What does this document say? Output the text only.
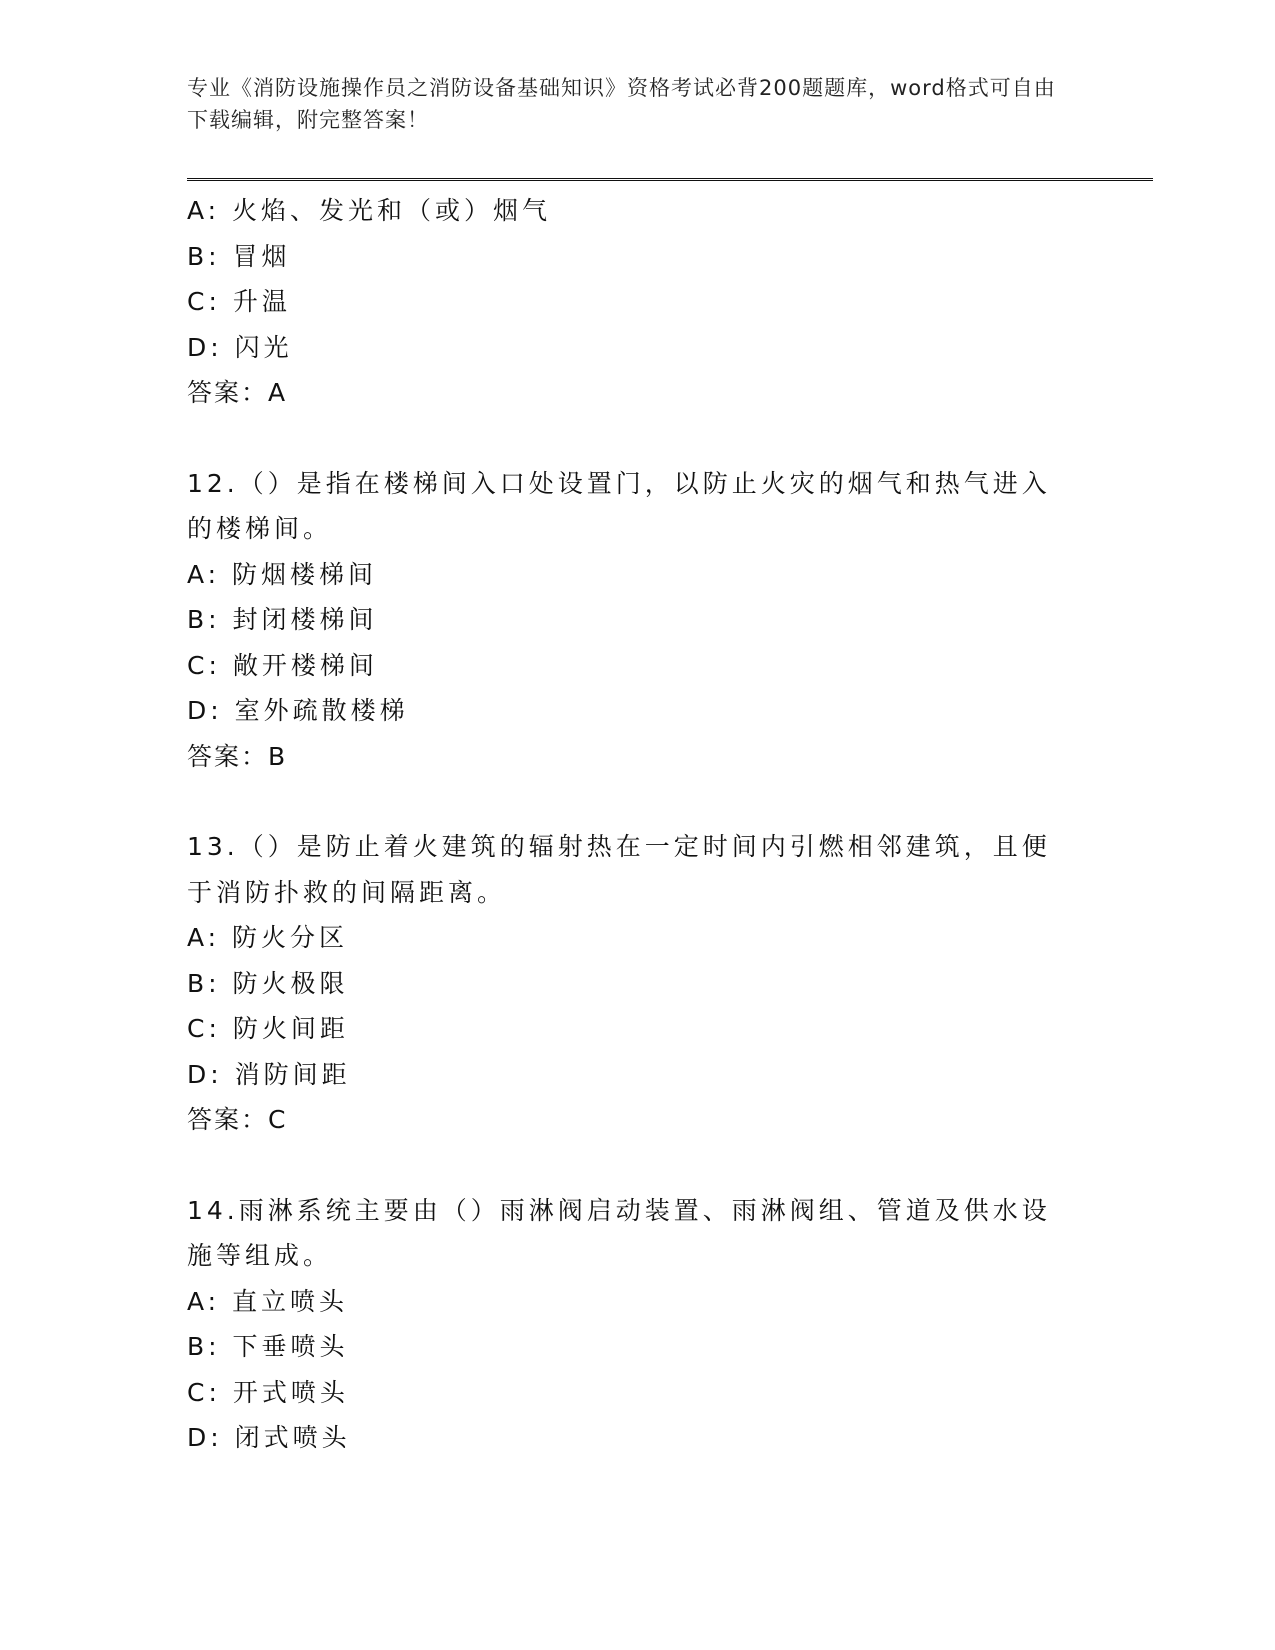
专业《消防设施操作员之消防设备基础知识》资格考试必背200题题库，word格式可自由下载编辑，附完整答案！
A: 火焰、发光和（或）烟气
B: 冒烟
C: 升温
D: 闪光
答案：A
12.（）是指在楼梯间入口处设置门，以防止火灾的烟气和热气进入的楼梯间。
A: 防烟楼梯间
B: 封闭楼梯间
C: 敞开楼梯间
D: 室外疏散楼梯
答案：B
13.（）是防止着火建筑的辐射热在一定时间内引燃相邻建筑，且便于消防扑救的间隔距离。
A: 防火分区
B: 防火极限
C: 防火间距
D: 消防间距
答案：C
14.雨淋系统主要由（）雨淋阀启动装置、雨淋阀组、管道及供水设施等组成。
A: 直立喷头
B: 下垂喷头
C: 开式喷头
D: 闭式喷头
